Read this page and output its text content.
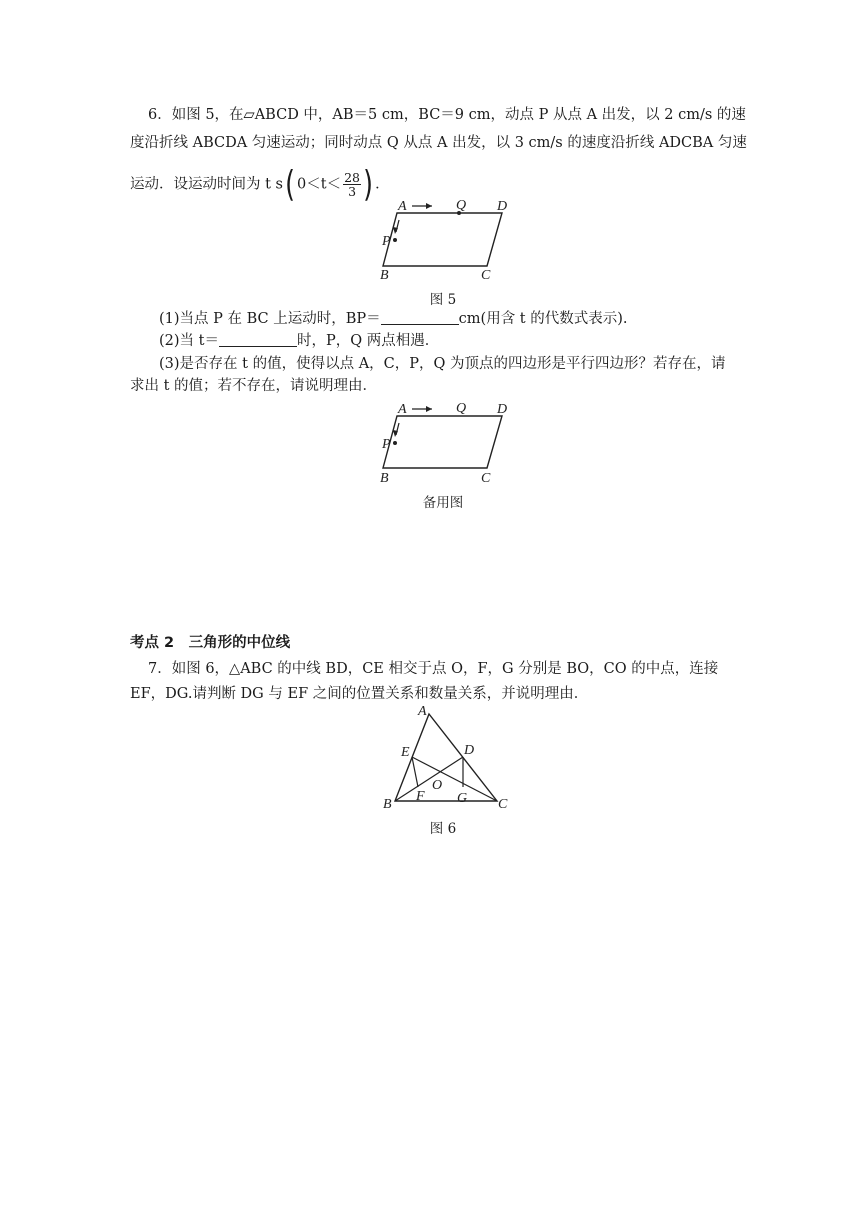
6．如图 5，在▱ABCD 中，AB＝5 cm，BC＝9 cm，动点 P 从点 A 出发，以 2 cm/s 的速
度沿折线 ABCDA 匀速运动；同时动点 Q 从点 A 出发，以 3 cm/s 的速度沿折线 ADCBA 匀速
运动．设运动时间为 t s( $0<t< \frac{28}{3}$ ) ．
A	Q D
P
B	C
图 5
(1)当点 P 在 BC 上运动时，BP＝	cm(用含 t 的代数式表示).
(2)当 t＝	时，P，Q 两点相遇．
(3)是否存在 t 的值，使得以点 A，C，P，Q 为顶点的四边形是平行四边形？若存在，请
求出 t 的值；若不存在，请说明理由．
A	Q D
P
B	C
备用图
考点 2　三角形的中位线
7．如图 6，△ABC 的中线 BD，CE 相交于点 O，F，G 分别是 BO，CO 的中点，连接
EF，DG.请判断 DG 与 EF 之间的位置关系和数量关系，并说明理由．
A
E	D
O
F G
B	C
图 6
